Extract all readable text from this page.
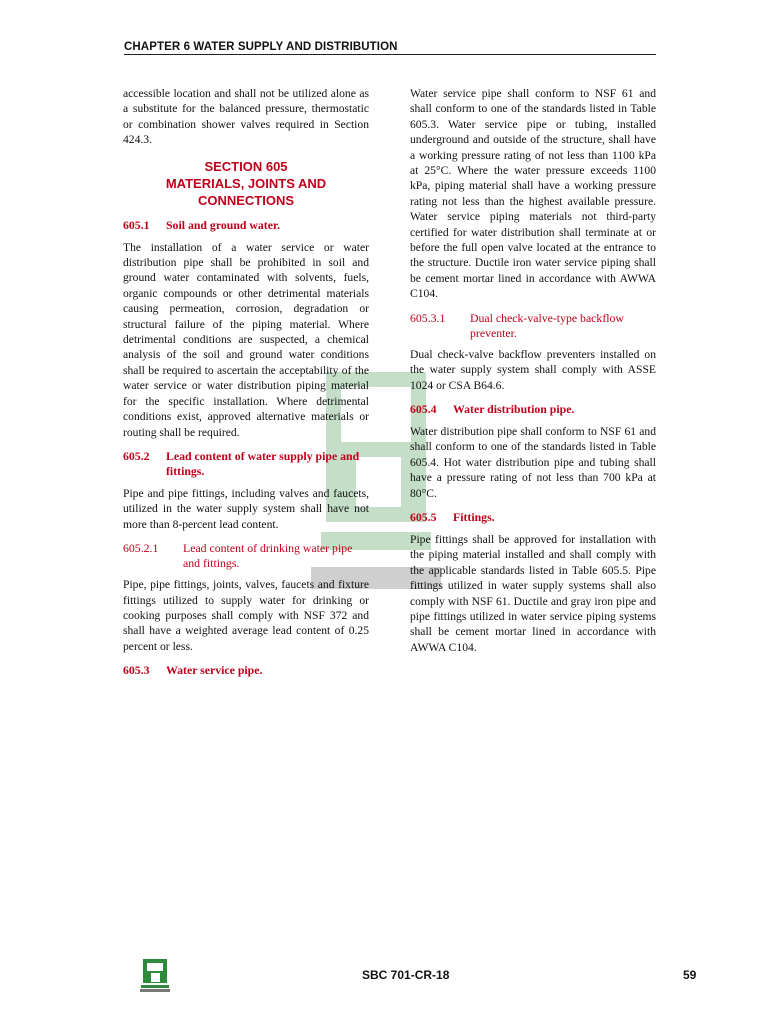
CHAPTER 6 WATER SUPPLY AND DISTRIBUTION

accessible location and shall not be utilized alone as a substitute for the balanced pressure, thermostatic or combination shower valves required in Section 424.3.

SECTION 605
MATERIALS, JOINTS AND CONNECTIONS
605.1	Soil and ground water.

The installation of a water service or water distribution pipe shall be prohibited in soil and ground water contaminated with solvents, fuels, organic compounds or other detrimental materials causing permeation, corrosion, degradation or structural failure of the piping material. Where detrimental conditions are suspected, a chemical analysis of the soil and ground water conditions shall be required to ascertain the acceptability of the water service or water distribution piping material for the specific installation. Where detrimental conditions exist, approved alternative materials or routing shall be required.

605.2	Lead content of water supply pipe and fittings.

Pipe and pipe fittings, including valves and faucets, utilized in the water supply system shall have not more than 8-percent lead content.

605.2.1	Lead content of drinking water pipe and fittings.

Pipe, pipe fittings, joints, valves, faucets and fixture fittings utilized to supply water for drinking or cooking purposes shall comply with NSF 372 and shall have a weighted average lead content of 0.25 percent or less.

605.3	Water service pipe.

Water service pipe shall conform to NSF 61 and shall conform to one of the standards listed in Table 605.3. Water service pipe or tubing, installed underground and outside of the structure, shall have a working pressure rating of not less than 1100 kPa at 25°C. Where the water pressure exceeds 1100 kPa, piping material shall have a working pressure rating not less than the highest available pressure. Water service piping materials not third-party certified for water distribution shall terminate at or before the full open valve located at the entrance to the structure. Ductile iron water service piping shall be cement mortar lined in accordance with AWWA C104.

605.3.1	Dual check-valve-type backflow preventer.

Dual check-valve backflow preventers installed on the water supply system shall comply with ASSE 1024 or CSA B64.6.

605.4	Water distribution pipe.

Water distribution pipe shall conform to NSF 61 and shall conform to one of the standards listed in Table 605.4. Hot water distribution pipe and tubing shall have a pressure rating of not less than 700 kPa at 80°C.

605.5	Fittings.

Pipe fittings shall be approved for installation with the piping material installed and shall comply with the applicable standards listed in Table 605.5. Pipe fittings utilized in water supply systems shall also comply with NSF 61. Ductile and gray iron pipe and pipe fittings utilized in water service piping systems shall be cement mortar lined in accordance with AWWA C104.

SBC 701-CR-18	59
